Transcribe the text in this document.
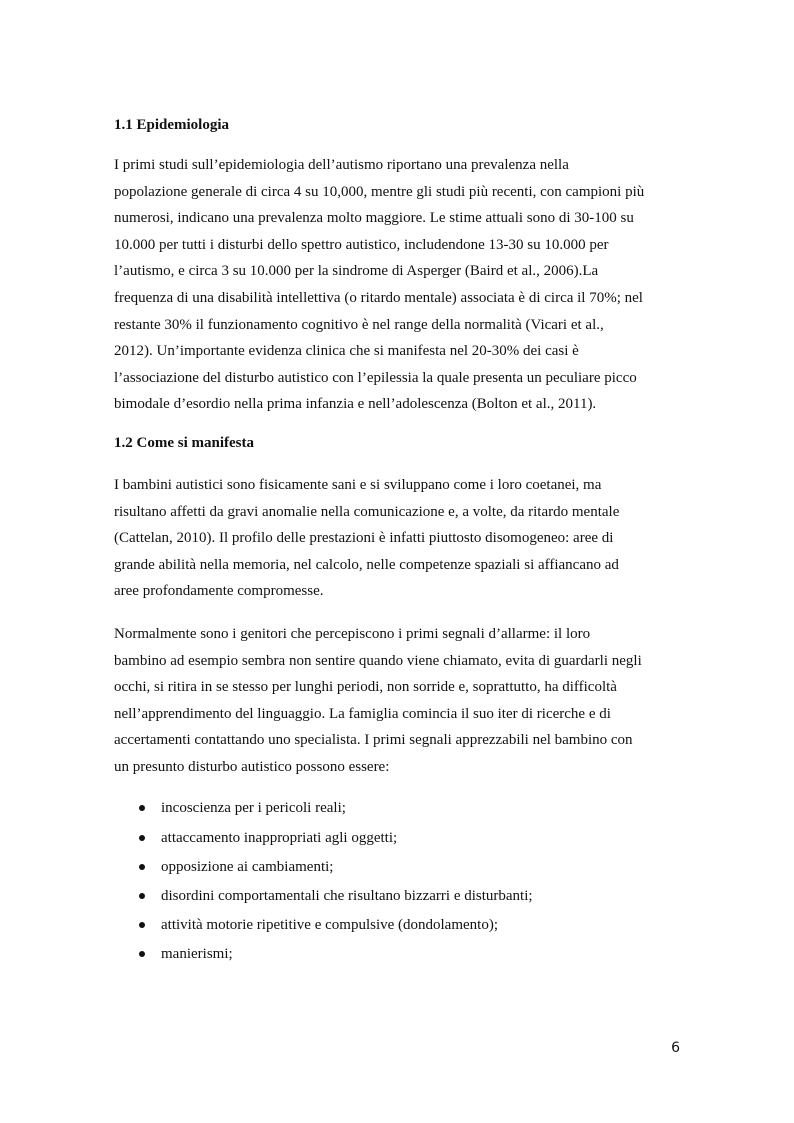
1.1 Epidemiologia

I primi studi sull’epidemiologia dell’autismo riportano una prevalenza nella
popolazione generale di circa 4 su 10,000, mentre gli studi più recenti, con campioni più
numerosi, indicano una prevalenza molto maggiore. Le stime attuali sono di 30-100 su
10.000 per tutti i disturbi dello spettro autistico, includendone 13-30 su 10.000 per
l’autismo, e circa 3 su 10.000 per la sindrome di Asperger (Baird et al., 2006).La
frequenza di una disabilità intellettiva (o ritardo mentale) associata è di circa il 70%; nel
restante 30% il funzionamento cognitivo è nel range della normalità (Vicari et al.,
2012). Un’importante evidenza clinica che si manifesta nel 20-30% dei casi è
l’associazione del disturbo autistico con l’epilessia la quale presenta un peculiare picco
bimodale d’esordio nella prima infanzia e nell’adolescenza (Bolton et al., 2011).

1.2 Come si manifesta

I bambini autistici sono fisicamente sani e si sviluppano come i loro coetanei, ma
risultano affetti da gravi anomalie nella comunicazione e, a volte, da ritardo mentale
(Cattelan, 2010). Il profilo delle prestazioni è infatti piuttosto disomogeneo: aree di
grande abilità nella memoria, nel calcolo, nelle competenze spaziali si affiancano ad
aree profondamente compromesse.

Normalmente sono i genitori che percepiscono i primi segnali d’allarme: il loro
bambino ad esempio sembra non sentire quando viene chiamato, evita di guardarli negli
occhi, si ritira in se stesso per lunghi periodi, non sorride e, soprattutto, ha difficoltà
nell’apprendimento del linguaggio. La famiglia comincia il suo iter di ricerche e di
accertamenti contattando uno specialista. I primi segnali apprezzabili nel bambino con
un presunto disturbo autistico possono essere:

incoscienza per i pericoli reali;
attaccamento inappropriati agli oggetti;
opposizione ai cambiamenti;
disordini comportamentali che risultano bizzarri e disturbanti;
attività motorie ripetitive e compulsive (dondolamento);
manierismi;
6
